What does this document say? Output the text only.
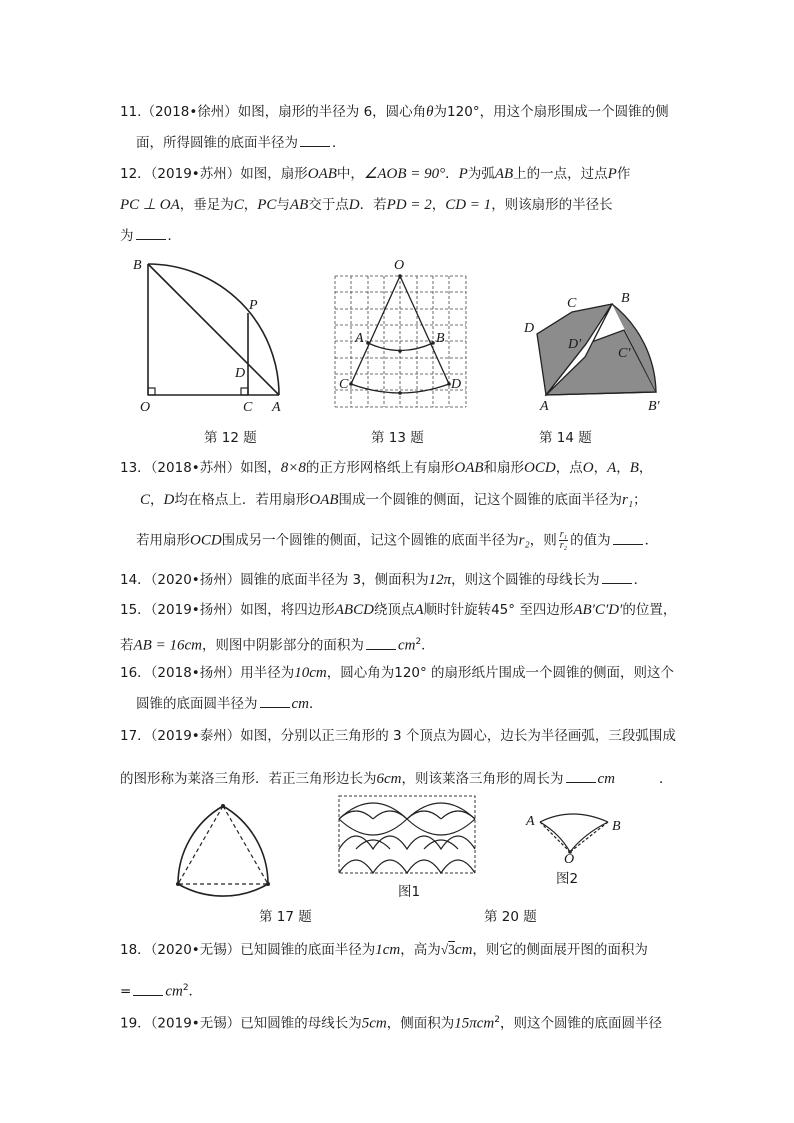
11.（2018•徐州）如图，扇形的半径为 6，圆心角θ为120°，用这个扇形围成一个圆锥的侧
面，所得圆锥的底面半径为	．
12．（2019•苏州）如图，扇形OAB中，∠AOB = 90°．P为弧AB上的一点，过点P作
PC ⊥ OA，垂足为C，PC与AB交于点D．若PD = 2，CD = 1，则该扇形的半径长
为	．
B
P
D
O	C A
第 12 题
O
A	B
C	D
第 13 题
C	B
D
D′
C′
A	B′
第 14 题
13．（2018•苏州）如图，8×8的正方形网格纸上有扇形OAB和扇形OCD，点O，A，B，
C，D均在格点上．若用扇形OAB围成一个圆锥的侧面，记这个圆锥的底面半径为r₁；
若用扇形OCD围成另一个圆锥的侧面，记这个圆锥的底面半径为r₂，则 $\frac{\text{r₁}}{\text{r₂}}$ 的值为	．
14．（2020•扬州）圆锥的底面半径为 3，侧面积为12π，则这个圆锥的母线长为	．
15．（2019•扬州）如图，将四边形ABCD绕顶点A顺时针旋转45° 至四边形AB′C′D′的位置，
若AB = 16cm，则图中阴影部分的面积为 $cm^2$．
16．（2018•扬州）用半径为10cm，圆心角为120° 的扇形纸片围成一个圆锥的侧面，则这个
圆锥的底面圆半径为 cm．
17．（2019•泰州）如图，分别以正三角形的 3 个顶点为圆心，边长为半径画弧，三段弧围成
的图形称为莱洛三角形．若正三角形边长为6cm，则该莱洛三角形的周长为 cm	．
第 17 题
图1
A	B
O
图2
第 20 题
18．（2020•无锡）已知圆锥的底面半径为1cm，高为√3cm，则它的侧面展开图的面积为
= $cm^2$．
19．（2019•无锡）已知圆锥的母线长为5cm，侧面积为15πcm$^2$，则这个圆锥的底面圆半径
